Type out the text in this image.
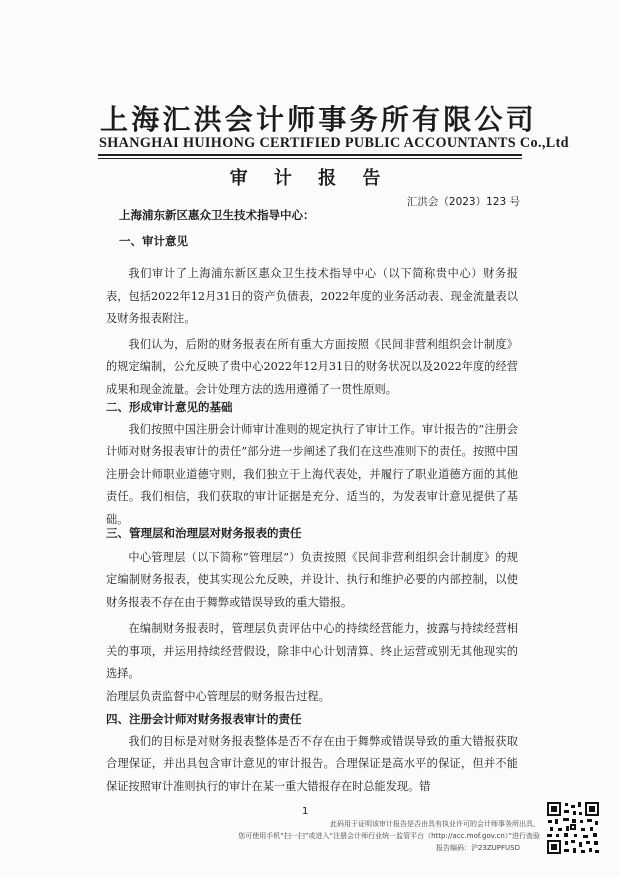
上海汇洪会计师事务所有限公司
SHANGHAI HUIHONG CERTIFIED PUBLIC ACCOUNTANTS Co.,Ltd
审 计 报 告
汇洪会（2023）123 号
上海浦东新区惠众卫生技术指导中心：

一、审计意见

我们审计了上海浦东新区惠众卫生技术指导中心（以下简称贵中心）财务报表，包括2022年12月31日的资产负债表，2022年度的业务活动表、现金流量表以及财务报表附注。

我们认为，后附的财务报表在所有重大方面按照《民间非营利组织会计制度》的规定编制，公允反映了贵中心2022年12月31日的财务状况以及2022年度的经营成果和现金流量。会计处理方法的选用遵循了一贯性原则。

二、形成审计意见的基础

我们按照中国注册会计师审计准则的规定执行了审计工作。审计报告的“注册会计师对财务报表审计的责任”部分进一步阐述了我们在这些准则下的责任。按照中国注册会计师职业道德守则，我们独立于上海代表处，并履行了职业道德方面的其他责任。我们相信，我们获取的审计证据是充分、适当的，为发表审计意见提供了基础。

三、管理层和治理层对财务报表的责任

中心管理层（以下简称“管理层”）负责按照《民间非营利组织会计制度》的规定编制财务报表，使其实现公允反映，并设计、执行和维护必要的内部控制，以使财务报表不存在由于舞弊或错误导致的重大错报。

在编制财务报表时，管理层负责评估中心的持续经营能力，披露与持续经营相关的事项，并运用持续经营假设，除非中心计划清算、终止运营或别无其他现实的选择。

治理层负责监督中心管理层的财务报告过程。

四、注册会计师对财务报表审计的责任

我们的目标是对财务报表整体是否不存在由于舞弊或错误导致的重大错报获取合理保证，并出具包含审计意见的审计报告。合理保证是高水平的保证，但并不能保证按照审计准则执行的审计在某一重大错报存在时总能发现。错

1
此码用于证明该审计报告是否由具有执业许可的会计师事务所出具，
您可使用手机“扫一扫”或进入“注册会计师行业统一监管平台（http://acc.mof.gov.cn）”进行查验
报告编码：沪23ZUPFUSD
